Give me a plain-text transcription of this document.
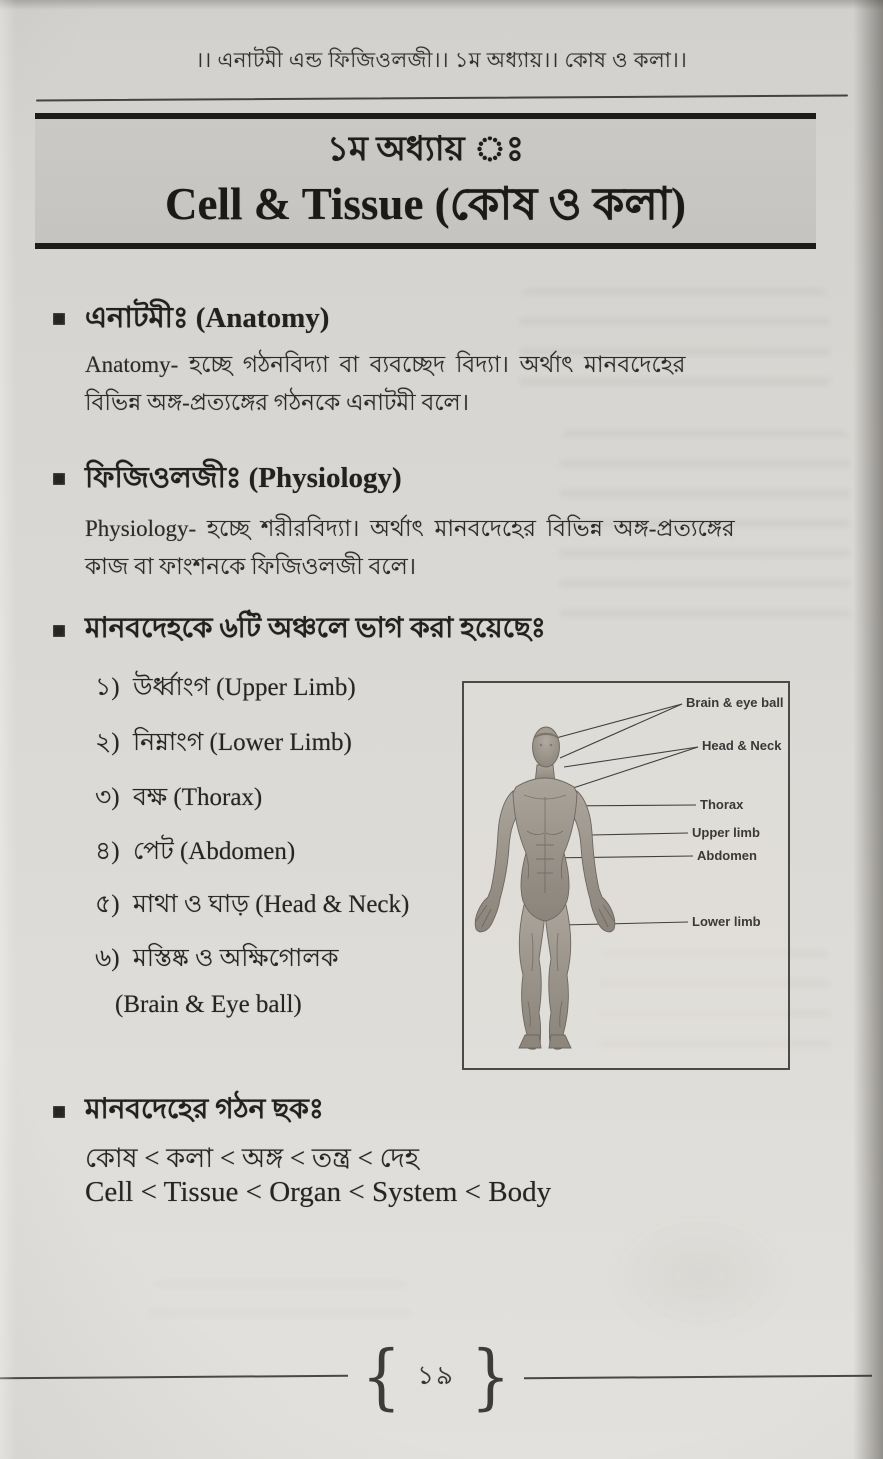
।। এনাটমী এন্ড ফিজিওলজী।। ১ম অধ্যায়।। কোষ ও কলা।।
১ম অধ্যায় ঃ
Cell & Tissue (কোষ ও কলা)
এনাটমীঃ (Anatomy)
Anatomy- হচ্ছে গঠনবিদ্যা বা ব্যবচ্ছেদ বিদ্যা। অর্থাৎ মানবদেহের
বিভিন্ন অঙ্গ-প্রত্যঙ্গের গঠনকে এনাটমী বলে।
ফিজিওলজীঃ (Physiology)
Physiology- হচ্ছে শরীরবিদ্যা। অর্থাৎ মানবদেহের বিভিন্ন অঙ্গ-প্রত্যঙ্গের
কাজ বা ফাংশনকে ফিজিওলজী বলে।
মানবদেহকে ৬টি অঞ্চলে ভাগ করা হয়েছেঃ
১) উর্ধ্বাংগ (Upper Limb)
২) নিম্নাংগ (Lower Limb)
৩) বক্ষ (Thorax)
৪) পেট (Abdomen)
৫) মাথা ও ঘাড় (Head & Neck)
৬) মস্তিষ্ক ও অক্ষিগোলক
(Brain & Eye ball)
Brain & eye ball
Head & Neck
Thorax
Upper limb
Abdomen
Lower limb
মানবদেহের গঠন ছকঃ
কোষ < কলা < অঙ্গ < তন্ত্র < দেহ
Cell < Tissue < Organ < System < Body
{ ১৯ }
